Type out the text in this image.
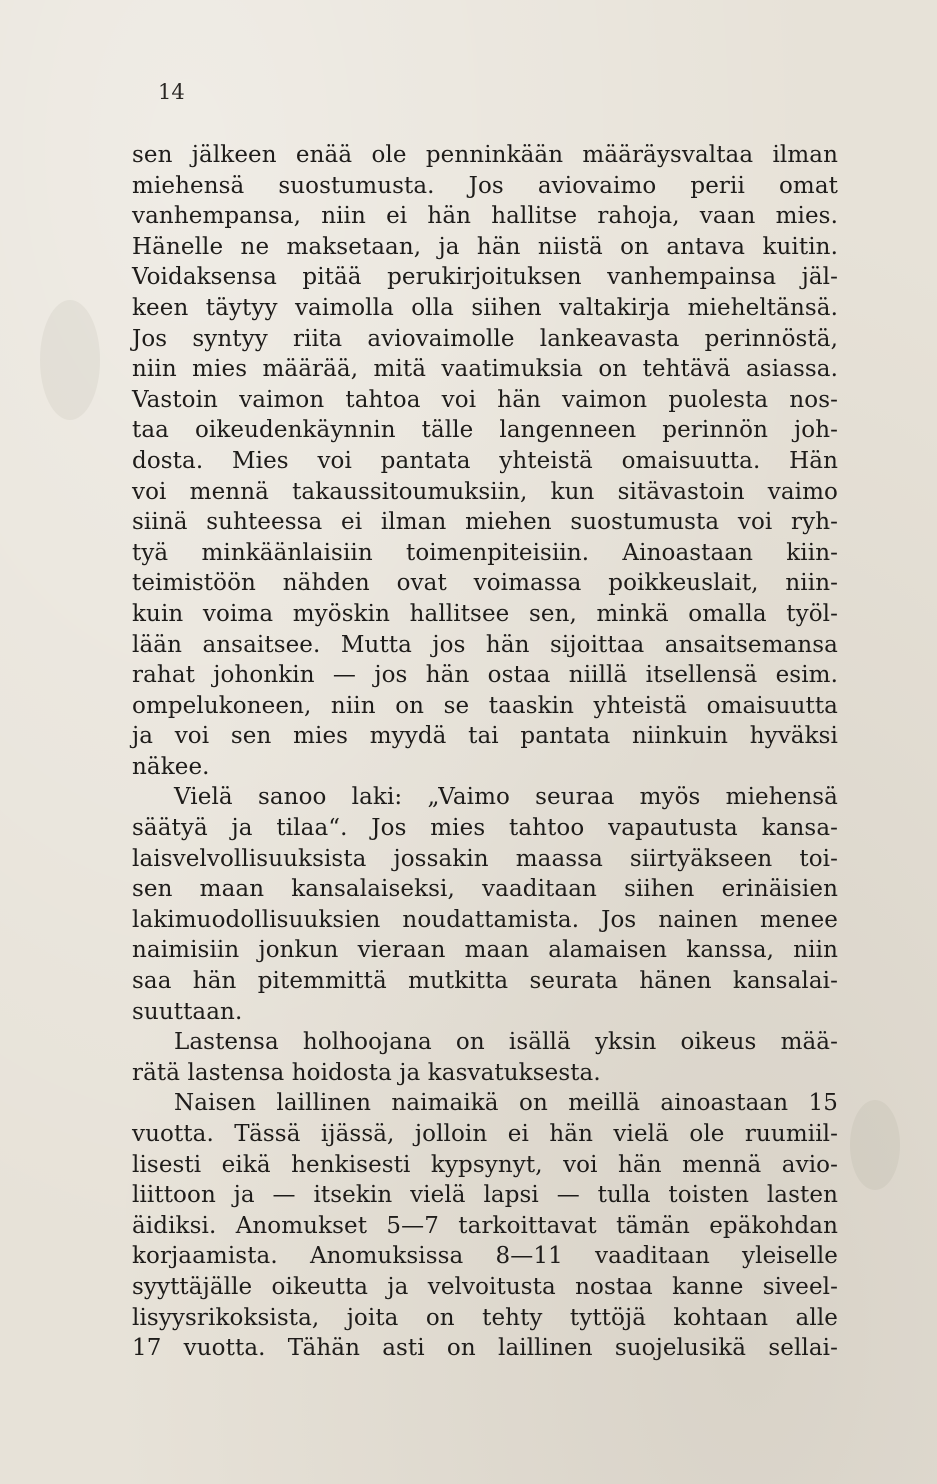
14
sen jälkeen enää ole penninkään määräysvaltaa ilman
miehensä suostumusta. Jos aviovaimo perii omat
vanhempansa, niin ei hän hallitse rahoja, vaan mies.
Hänelle ne maksetaan, ja hän niistä on antava kuitin.
Voidaksensa pitää perukirjoituksen vanhempainsa jäl-
keen täytyy vaimolla olla siihen valtakirja mieheltänsä.
Jos syntyy riita aviovaimolle lankeavasta perinnöstä,
niin mies määrää, mitä vaatimuksia on tehtävä asiassa.
Vastoin vaimon tahtoa voi hän vaimon puolesta nos-
taa oikeudenkäynnin tälle langenneen perinnön joh-
dosta. Mies voi pantata yhteistä omaisuutta. Hän
voi mennä takaussitoumuksiin, kun sitävastoin vaimo
siinä suhteessa ei ilman miehen suostumusta voi ryh-
tyä minkäänlaisiin toimenpiteisiin. Ainoastaan kiin-
teimistöön nähden ovat voimassa poikkeuslait, niin-
kuin voima myöskin hallitsee sen, minkä omalla työl-
lään ansaitsee. Mutta jos hän sijoittaa ansaitsemansa
rahat johonkin — jos hän ostaa niillä itsellensä esim.
ompelukoneen, niin on se taaskin yhteistä omaisuutta
ja voi sen mies myydä tai pantata niinkuin hyväksi
näkee.
Vielä sanoo laki: „Vaimo seuraa myös miehensä
säätyä ja tilaa“. Jos mies tahtoo vapautusta kansa-
laisvelvollisuuksista jossakin maassa siirtyäkseen toi-
sen maan kansalaiseksi, vaaditaan siihen erinäisien
lakimuodollisuuksien noudattamista. Jos nainen menee
naimisiin jonkun vieraan maan alamaisen kanssa, niin
saa hän pitemmittä mutkitta seurata hänen kansalai-
suuttaan.
Lastensa holhoojana on isällä yksin oikeus mää-
rätä lastensa hoidosta ja kasvatuksesta.
Naisen laillinen naimaikä on meillä ainoastaan 15
vuotta. Tässä ijässä, jolloin ei hän vielä ole ruumiil-
lisesti eikä henkisesti kypsynyt, voi hän mennä avio-
liittoon ja — itsekin vielä lapsi — tulla toisten lasten
äidiksi. Anomukset 5—7 tarkoittavat tämän epäkohdan
korjaamista. Anomuksissa 8—11 vaaditaan yleiselle
syyttäjälle oikeutta ja velvoitusta nostaa kanne siveel-
lisyysrikoksista, joita on tehty tyttöjä kohtaan alle
17 vuotta. Tähän asti on laillinen suojelusikä sellai-
